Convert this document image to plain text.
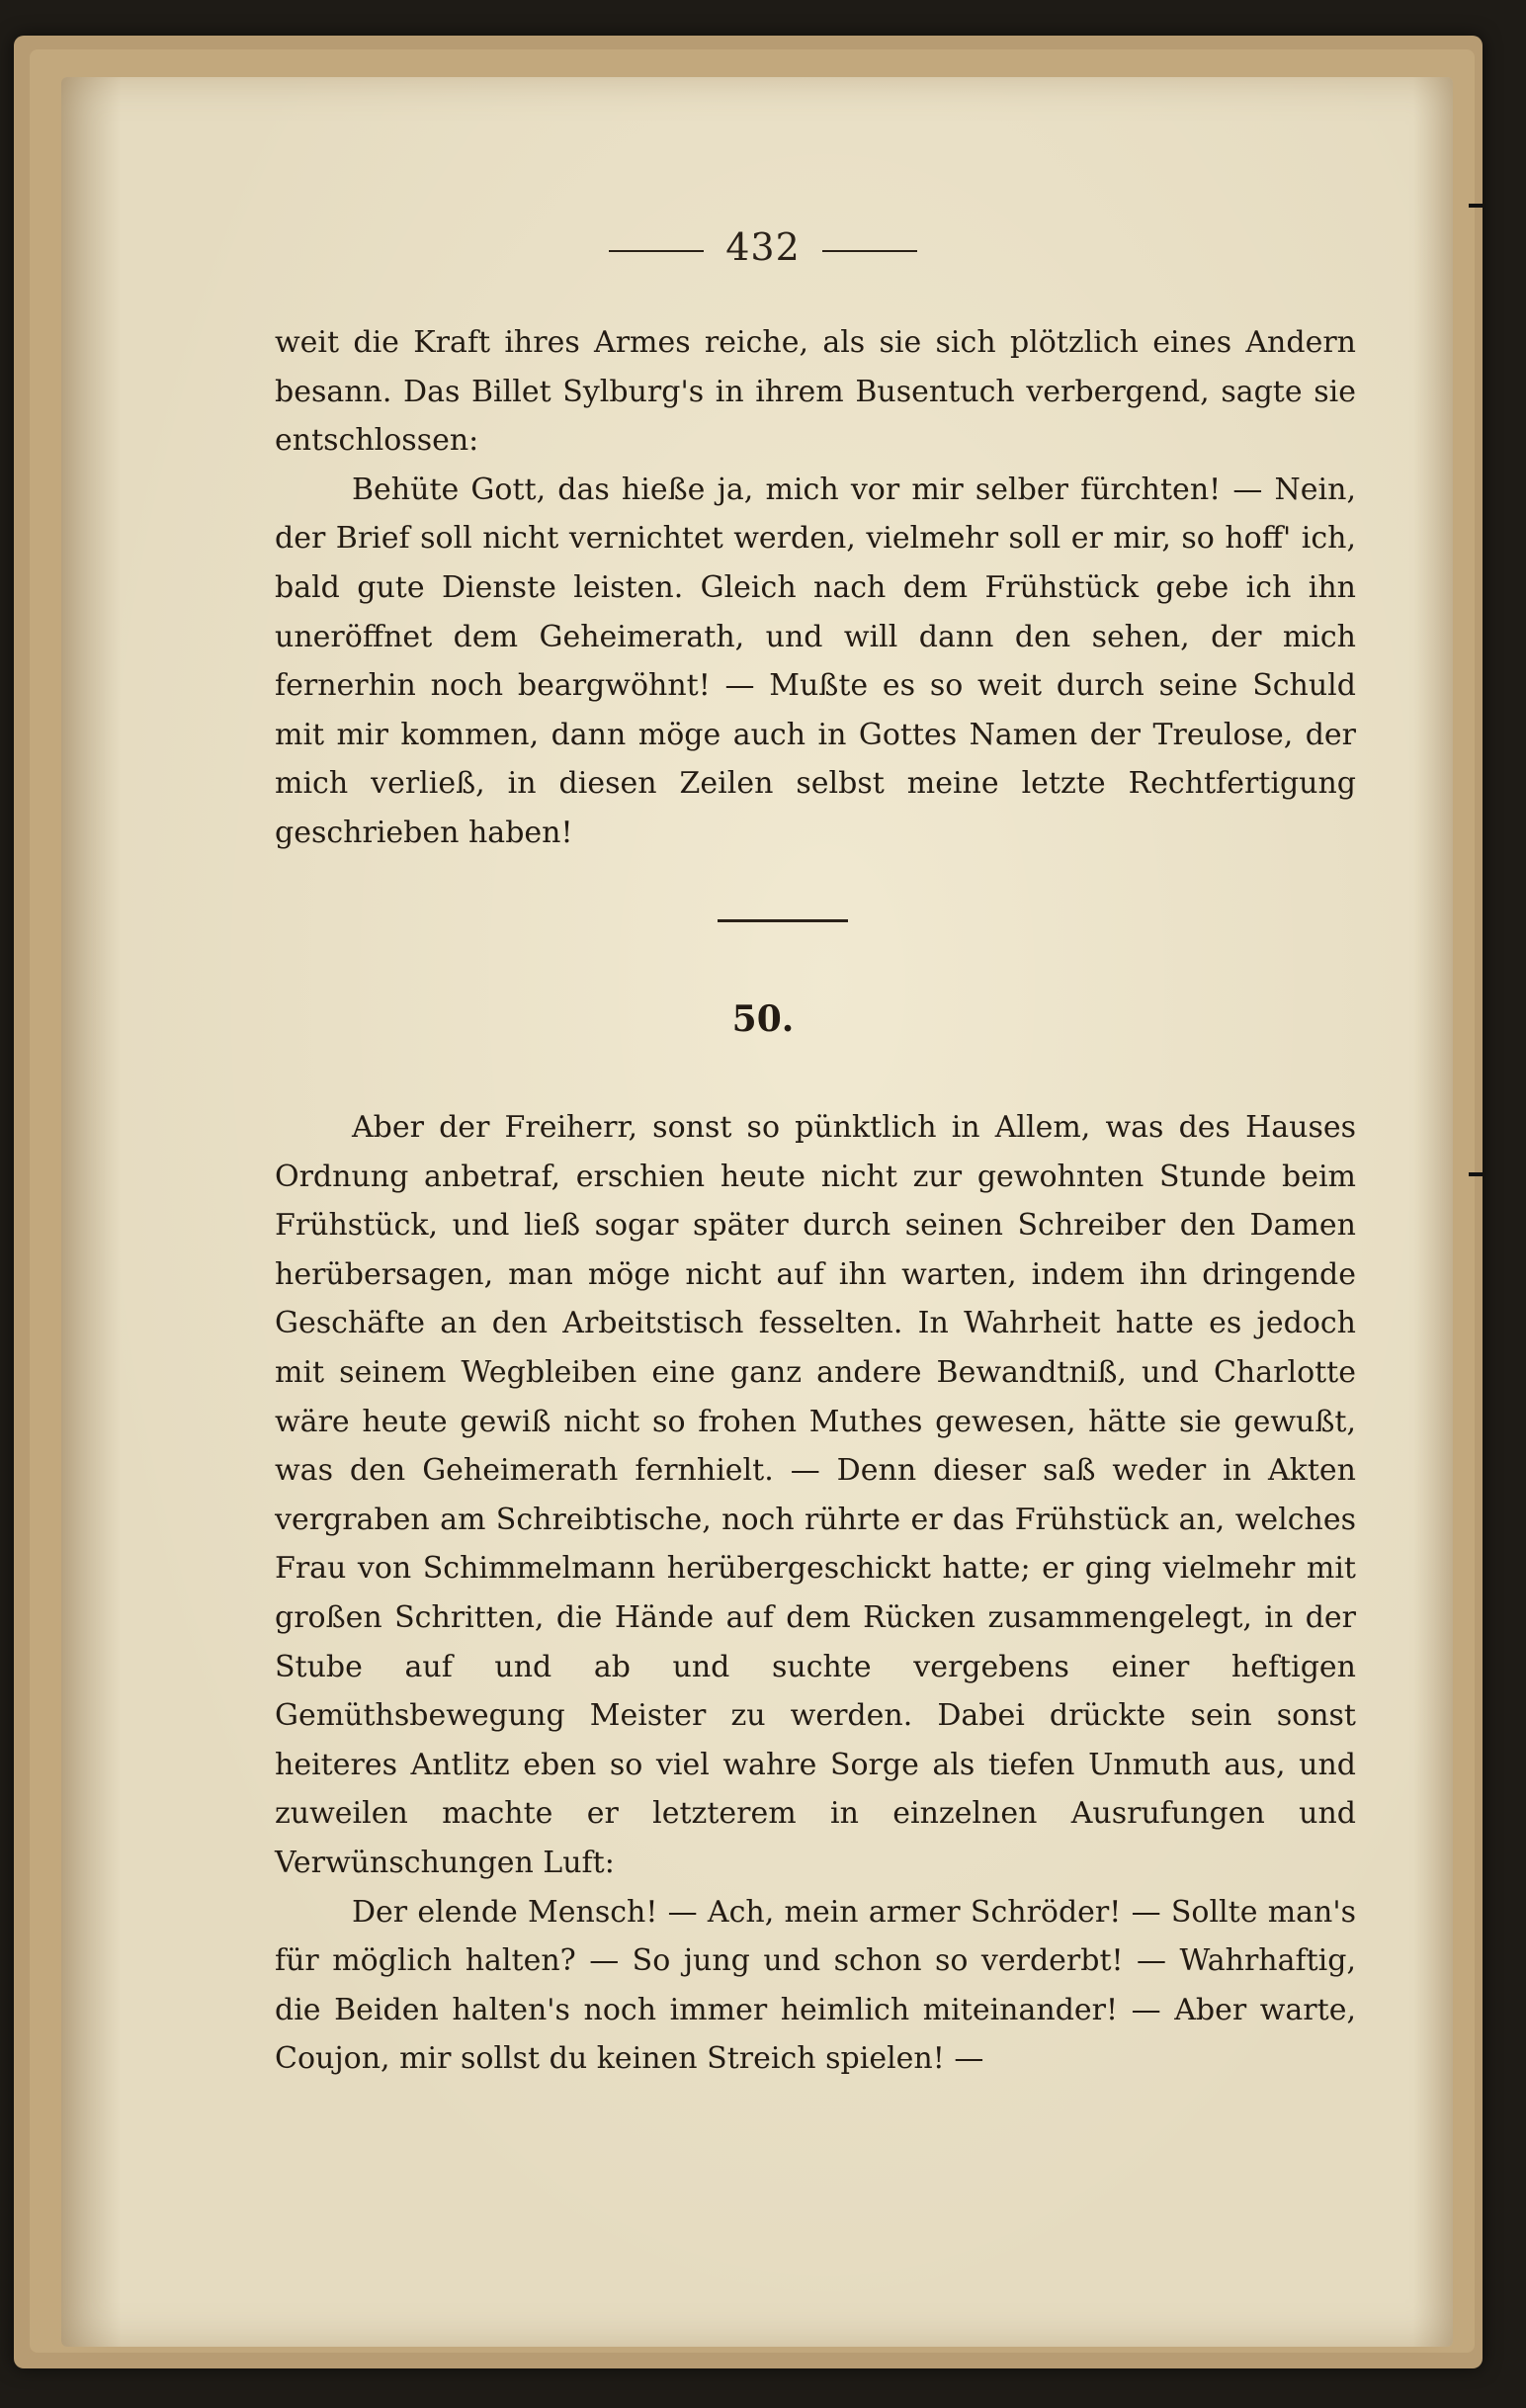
432

weit die Kraft ihres Armes reiche, als sie sich plötzlich eines Andern besann. Das Billet Sylburg's in ihrem Busentuch verbergend, sagte sie entschlossen:

Behüte Gott, das hieße ja, mich vor mir selber fürchten! — Nein, der Brief soll nicht vernichtet werden, vielmehr soll er mir, so hoff' ich, bald gute Dienste leisten. Gleich nach dem Frühstück gebe ich ihn uneröffnet dem Geheimerath, und will dann den sehen, der mich fernerhin noch beargwöhnt! — Mußte es so weit durch seine Schuld mit mir kommen, dann möge auch in Gottes Namen der Treulose, der mich verließ, in diesen Zeilen selbst meine letzte Rechtfertigung geschrieben haben!

50.

Aber der Freiherr, sonst so pünktlich in Allem, was des Hauses Ordnung anbetraf, erschien heute nicht zur gewohnten Stunde beim Frühstück, und ließ sogar später durch seinen Schreiber den Damen herübersagen, man möge nicht auf ihn warten, indem ihn dringende Geschäfte an den Arbeitstisch fesselten. In Wahrheit hatte es jedoch mit seinem Wegbleiben eine ganz andere Bewandtniß, und Charlotte wäre heute gewiß nicht so frohen Muthes gewesen, hätte sie gewußt, was den Geheimerath fernhielt. — Denn dieser saß weder in Akten vergraben am Schreibtische, noch rührte er das Frühstück an, welches Frau von Schimmelmann herübergeschickt hatte; er ging vielmehr mit großen Schritten, die Hände auf dem Rücken zusammengelegt, in der Stube auf und ab und suchte vergebens einer heftigen Gemüthsbewegung Meister zu werden. Dabei drückte sein sonst heiteres Antlitz eben so viel wahre Sorge als tiefen Unmuth aus, und zuweilen machte er letzterem in einzelnen Ausrufungen und Verwünschungen Luft:

Der elende Mensch! — Ach, mein armer Schröder! — Sollte man's für möglich halten? — So jung und schon so verderbt! — Wahrhaftig, die Beiden halten's noch immer heimlich miteinander! — Aber warte, Coujon, mir sollst du keinen Streich spielen! —
